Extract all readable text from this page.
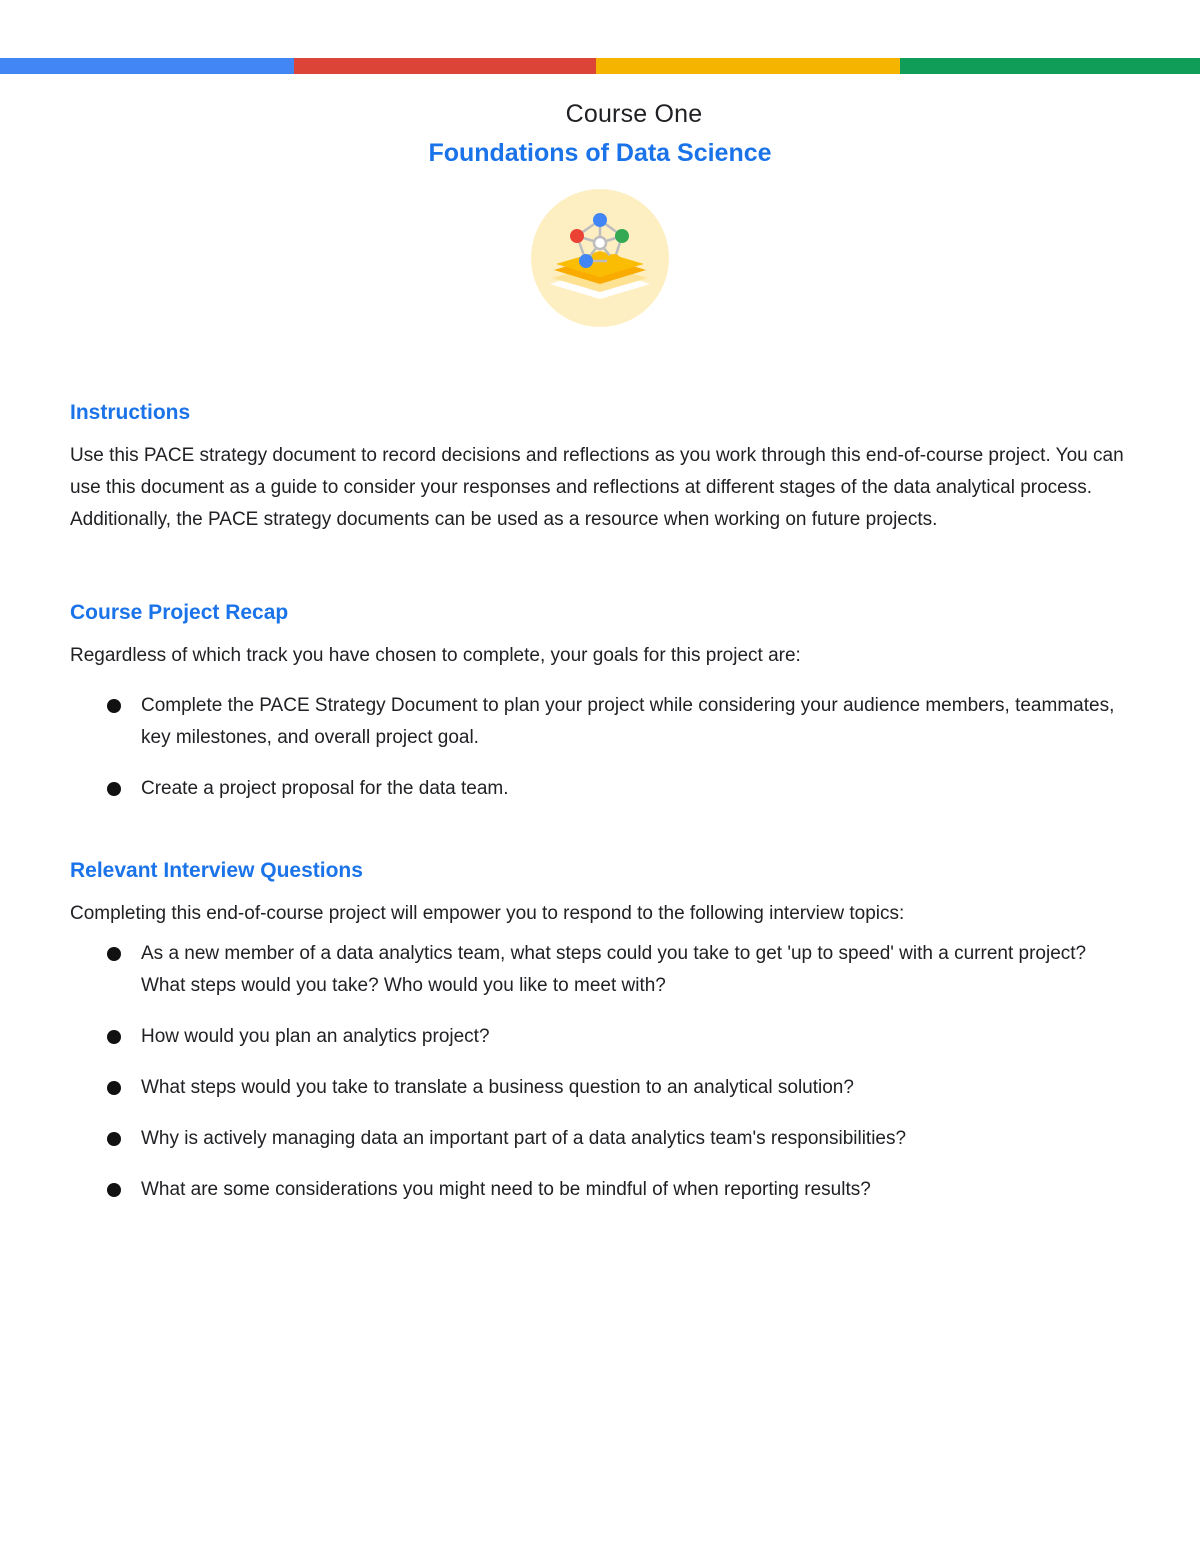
Course One
Foundations of Data Science
Instructions
Use this PACE strategy document to record decisions and reflections as you work through this end-of-course project. You can use this document as a guide to consider your responses and reflections at different stages of the data analytical process. Additionally, the PACE strategy documents can be used as a resource when working on future projects.
Course Project Recap
Regardless of which track you have chosen to complete, your goals for this project are:
Complete the PACE Strategy Document to plan your project while considering your audience members, teammates, key milestones, and overall project goal.
Create a project proposal for the data team.
Relevant Interview Questions
Completing this end-of-course project will empower you to respond to the following interview topics:
As a new member of a data analytics team, what steps could you take to get 'up to speed' with a current project? What steps would you take? Who would you like to meet with?
How would you plan an analytics project?
What steps would you take to translate a business question to an analytical solution?
Why is actively managing data an important part of a data analytics team's responsibilities?
What are some considerations you might need to be mindful of when reporting results?
